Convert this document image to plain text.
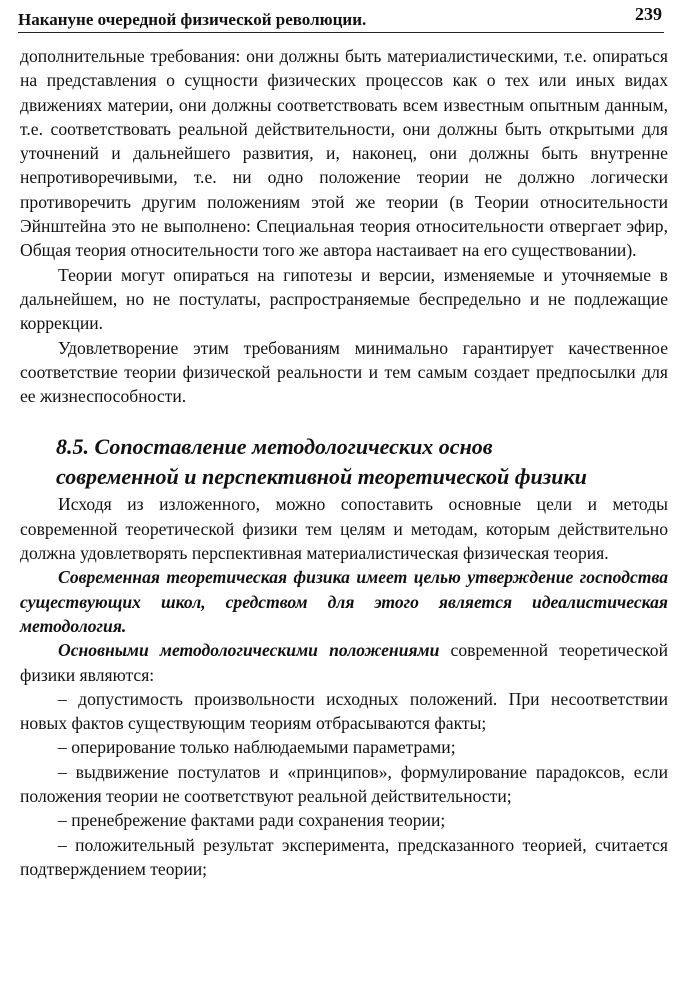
Накануне очередной физической революции.	239

дополнительные требования: они должны быть материалистическими, т.е. опираться на представления о сущности физических процессов как о тех или иных видах движениях материи, они должны соответствовать всем известным опытным данным, т.е. соответствовать реальной действительности, они должны быть открытыми для уточнений и дальнейшего развития, и, наконец, они должны быть внутренне непротиворечивыми, т.е. ни одно положение теории не должно логически противоречить другим положениям этой же теории (в Теории относительности Эйнштейна это не выполнено: Специальная теория относительности отвергает эфир, Общая теория относительности того же автора настаивает на его существовании).

Теории могут опираться на гипотезы и версии, изменяемые и уточняемые в дальнейшем, но не постулаты, распространяемые беспредельно и не подлежащие коррекции.

Удовлетворение этим требованиям минимально гарантирует качественное соответствие теории физической реальности и тем самым создает предпосылки для ее жизнеспособности.

8.5. Сопоставление методологических основ
современной и перспективной теоретической физики

Исходя из изложенного, можно сопоставить основные цели и методы современной теоретической физики тем целям и методам, которым действительно должна удовлетворять перспективная материалистическая физическая теория.

Современная теоретическая физика имеет целью утверждение господства существующих школ, средством для этого является идеалистическая методология.

Основными методологическими положениями современной теоретической физики являются:

– допустимость произвольности исходных положений. При несоответствии новых фактов существующим теориям отбрасываются факты;

– оперирование только наблюдаемыми параметрами;

– выдвижение постулатов и «принципов», формулирование парадоксов, если положения теории не соответствуют реальной действительности;

– пренебрежение фактами ради сохранения теории;

– положительный результат эксперимента, предсказанного теорией, считается подтверждением теории;
